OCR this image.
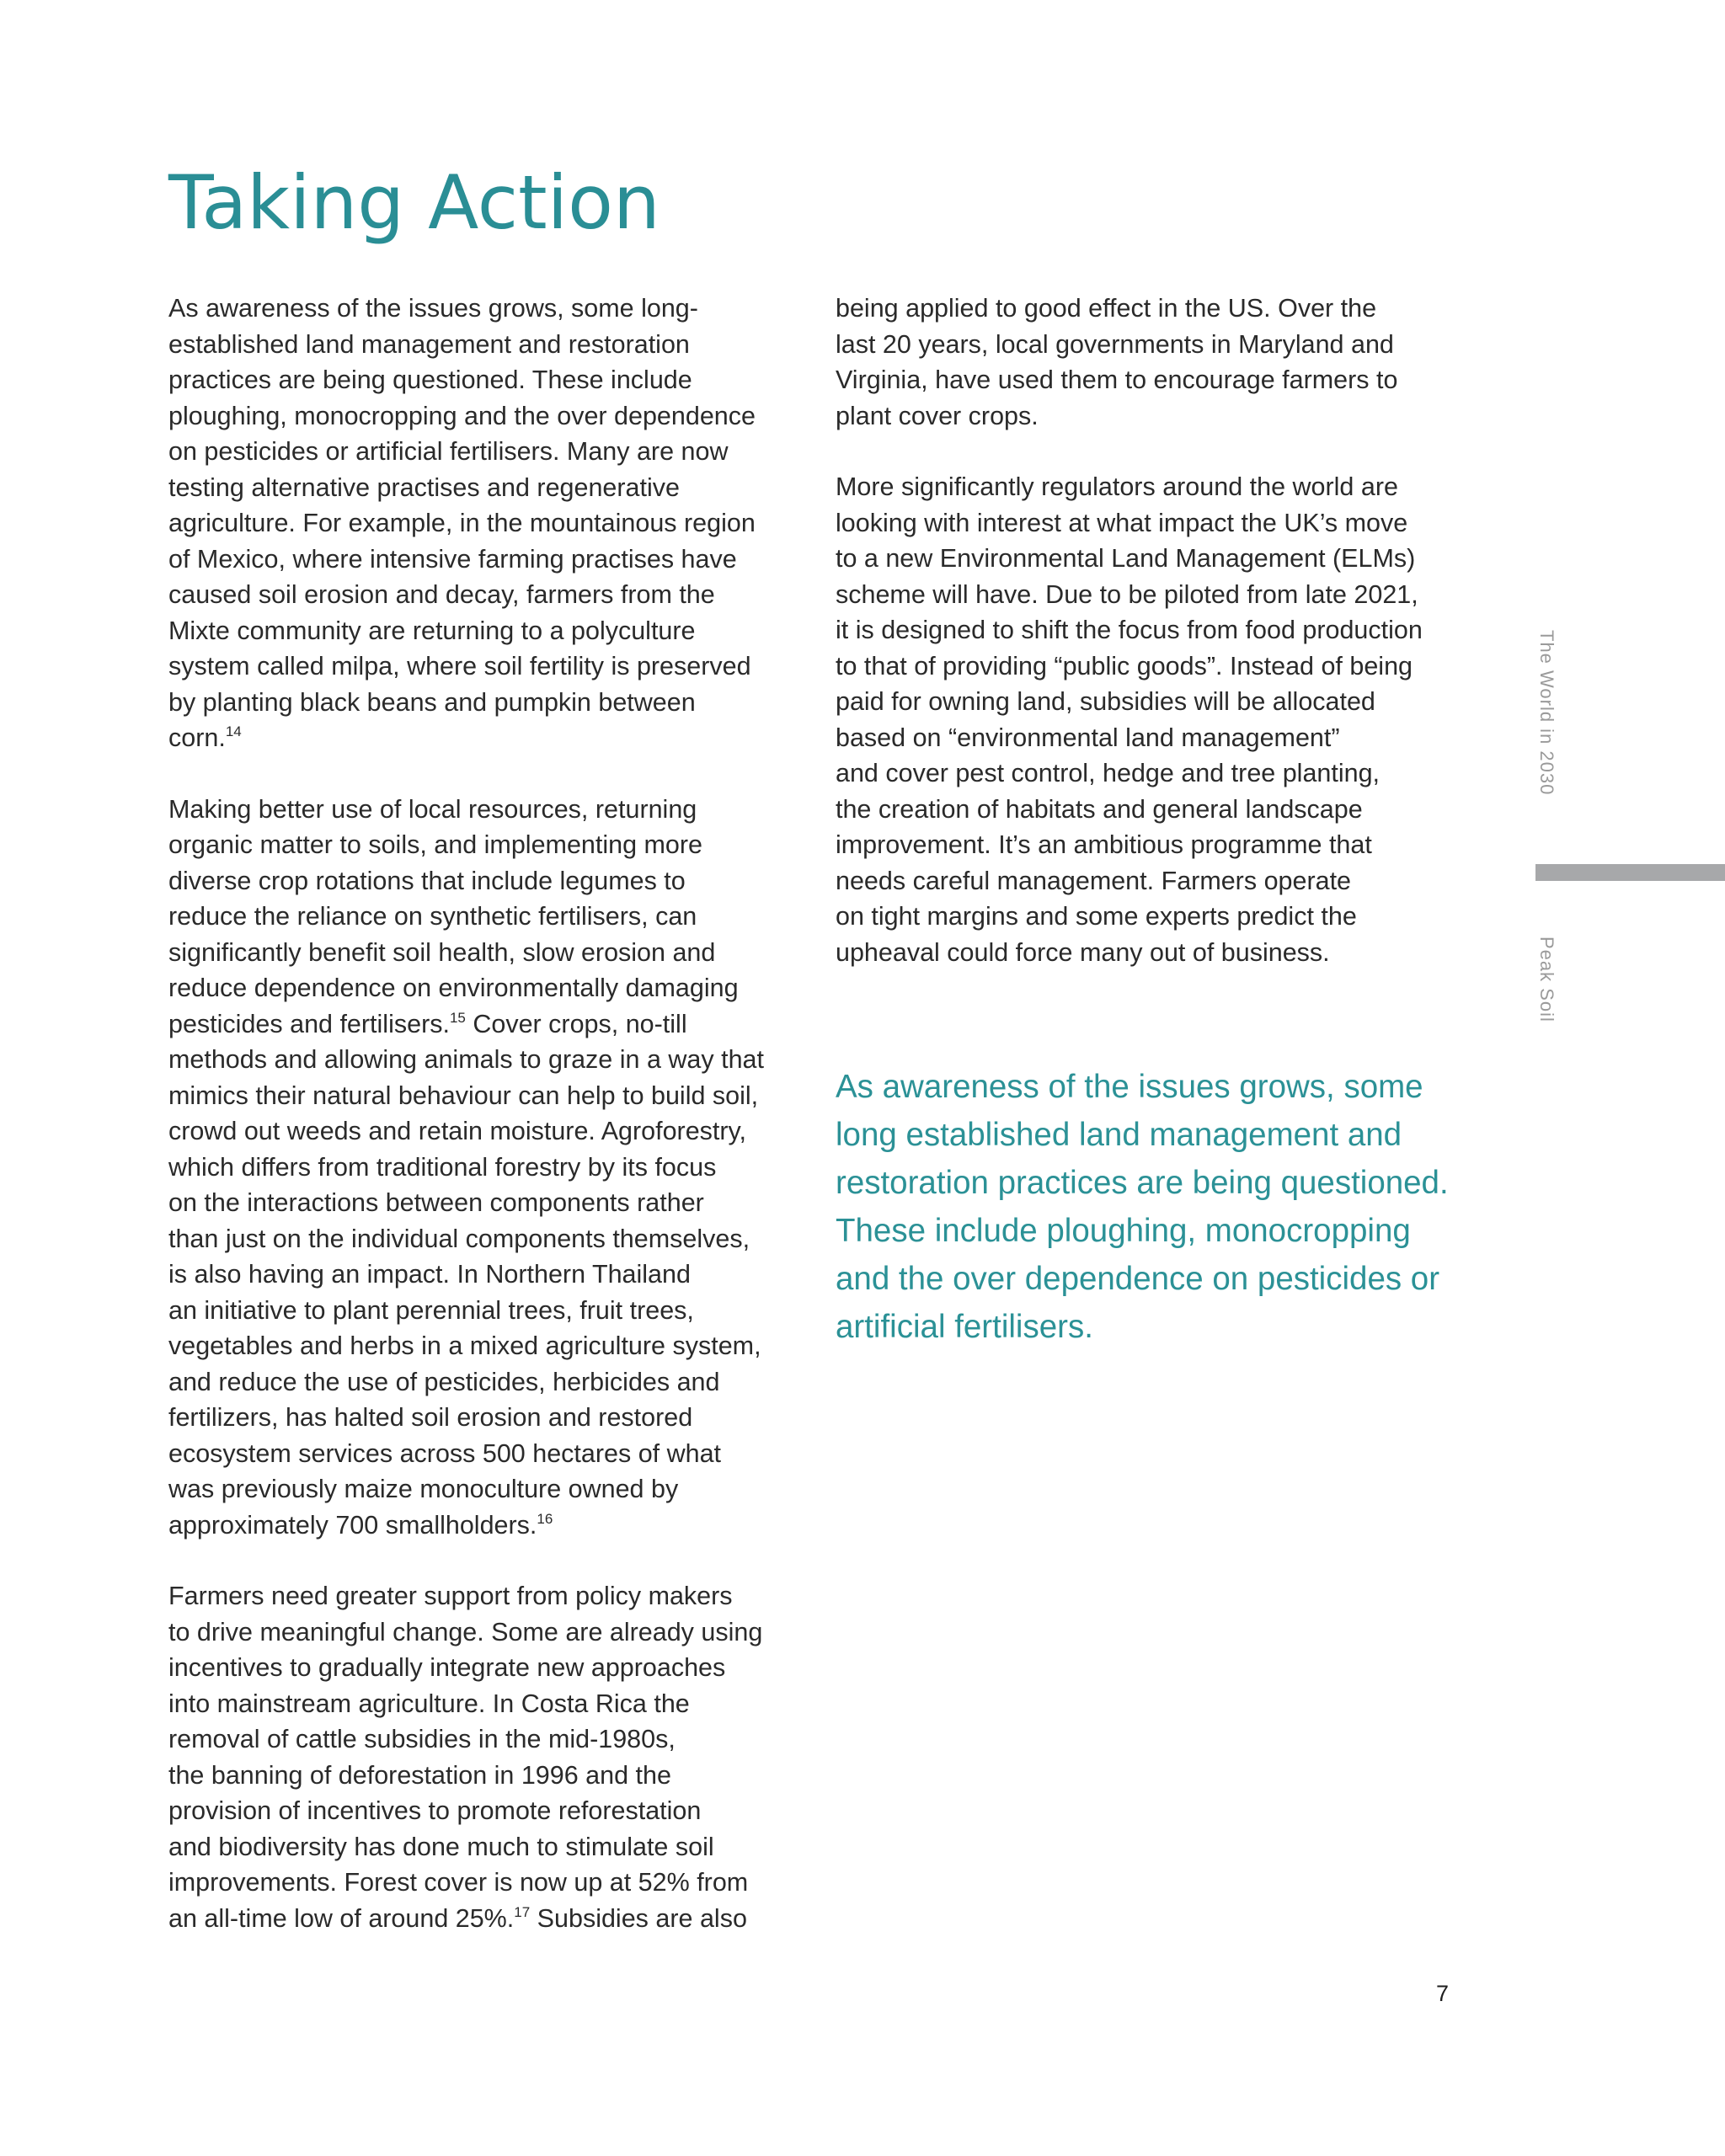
Taking Action

As awareness of the issues grows, some long-
established land management and restoration
practices are being questioned. These include
ploughing, monocropping and the over dependence
on pesticides or artificial fertilisers. Many are now
testing alternative practises and regenerative
agriculture. For example, in the mountainous region
of Mexico, where intensive farming practises have
caused soil erosion and decay, farmers from the
Mixte community are returning to a polyculture
system called milpa, where soil fertility is preserved
by planting black beans and pumpkin between
corn.$^{14}$

Making better use of local resources, returning
organic matter to soils, and implementing more
diverse crop rotations that include legumes to
reduce the reliance on synthetic fertilisers, can
significantly benefit soil health, slow erosion and
reduce dependence on environmentally damaging
pesticides and fertilisers.$^{15}$ Cover crops, no-till
methods and allowing animals to graze in a way that
mimics their natural behaviour can help to build soil,
crowd out weeds and retain moisture. Agroforestry,
which differs from traditional forestry by its focus
on the interactions between components rather
than just on the individual components themselves,
is also having an impact. In Northern Thailand
an initiative to plant perennial trees, fruit trees,
vegetables and herbs in a mixed agriculture system,
and reduce the use of pesticides, herbicides and
fertilizers, has halted soil erosion and restored
ecosystem services across 500 hectares of what
was previously maize monoculture owned by
approximately 700 smallholders.$^{16}$

Farmers need greater support from policy makers
to drive meaningful change. Some are already using
incentives to gradually integrate new approaches
into mainstream agriculture. In Costa Rica the
removal of cattle subsidies in the mid-1980s,
the banning of deforestation in 1996 and the
provision of incentives to promote reforestation
and biodiversity has done much to stimulate soil
improvements. Forest cover is now up at 52% from
an all-time low of around 25%.$^{17}$ Subsidies are also

being applied to good effect in the US. Over the
last 20 years, local governments in Maryland and
Virginia, have used them to encourage farmers to
plant cover crops.

More significantly regulators around the world are
looking with interest at what impact the UK’s move
to a new Environmental Land Management (ELMs)
scheme will have. Due to be piloted from late 2021,
it is designed to shift the focus from food production
to that of providing “public goods”. Instead of being
paid for owning land, subsidies will be allocated
based on “environmental land management”
and cover pest control, hedge and tree planting,
the creation of habitats and general landscape
improvement. It’s an ambitious programme that
needs careful management. Farmers operate
on tight margins and some experts predict the
upheaval could force many out of business.

As awareness of the issues grows, some
long established land management and
restoration practices are being questioned.
These include ploughing, monocropping
and the over dependence on pesticides or
artificial fertilisers.
The World in 2030
Peak Soil
7
